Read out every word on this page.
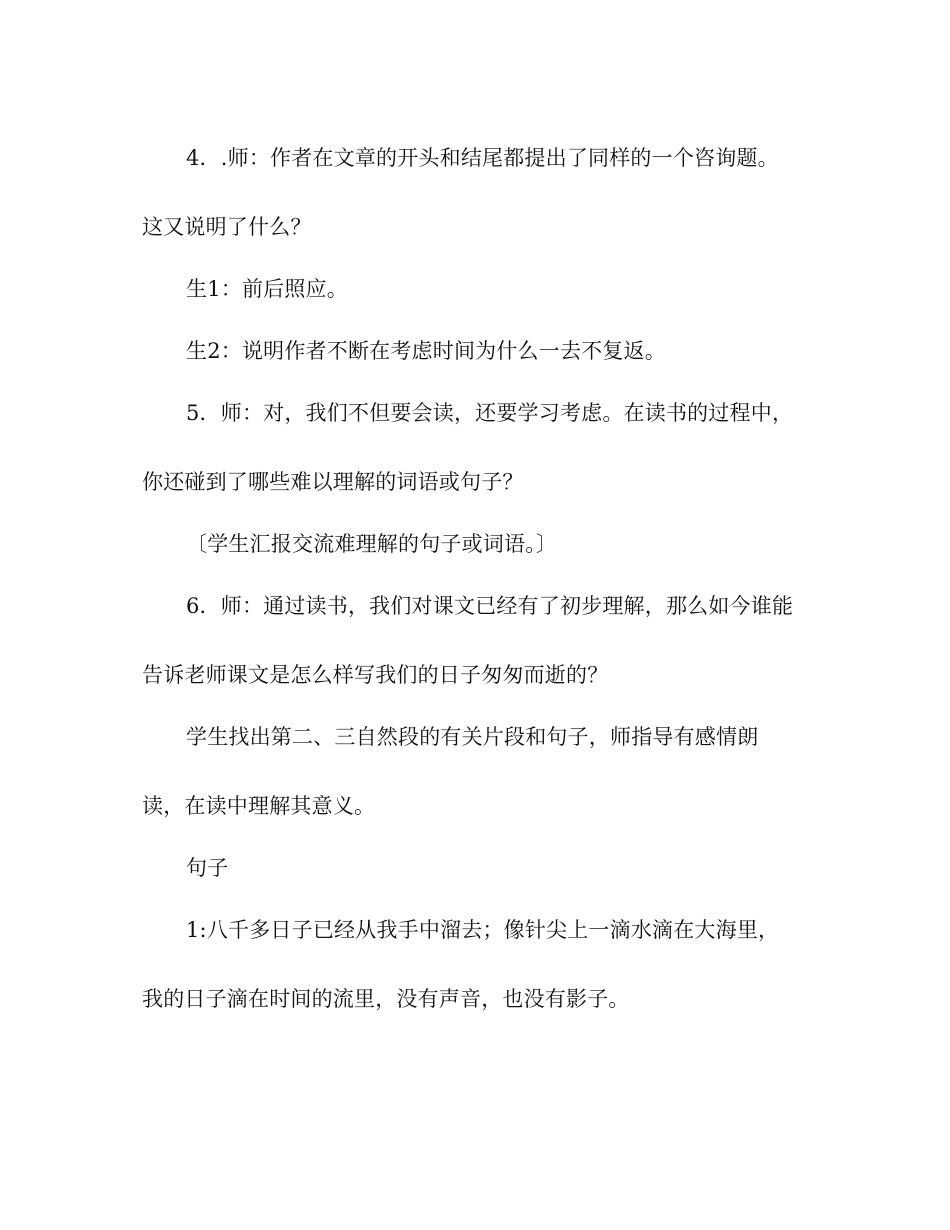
4．.师：作者在文章的开头和结尾都提出了同样的一个咨询题。
这又说明了什么？
生1：前后照应。
生2：说明作者不断在考虑时间为什么一去不复返。
5．师：对，我们不但要会读，还要学习考虑。在读书的过程中，
你还碰到了哪些难以理解的词语或句子？
〔学生汇报交流难理解的句子或词语。〕
6．师：通过读书，我们对课文已经有了初步理解，那么如今谁能
告诉老师课文是怎么样写我们的日子匆匆而逝的？
学生找出第二、三自然段的有关片段和句子，师指导有感情朗
读，在读中理解其意义。
句子
1:八千多日子已经从我手中溜去；像针尖上一滴水滴在大海里，
我的日子滴在时间的流里，没有声音，也没有影子。
